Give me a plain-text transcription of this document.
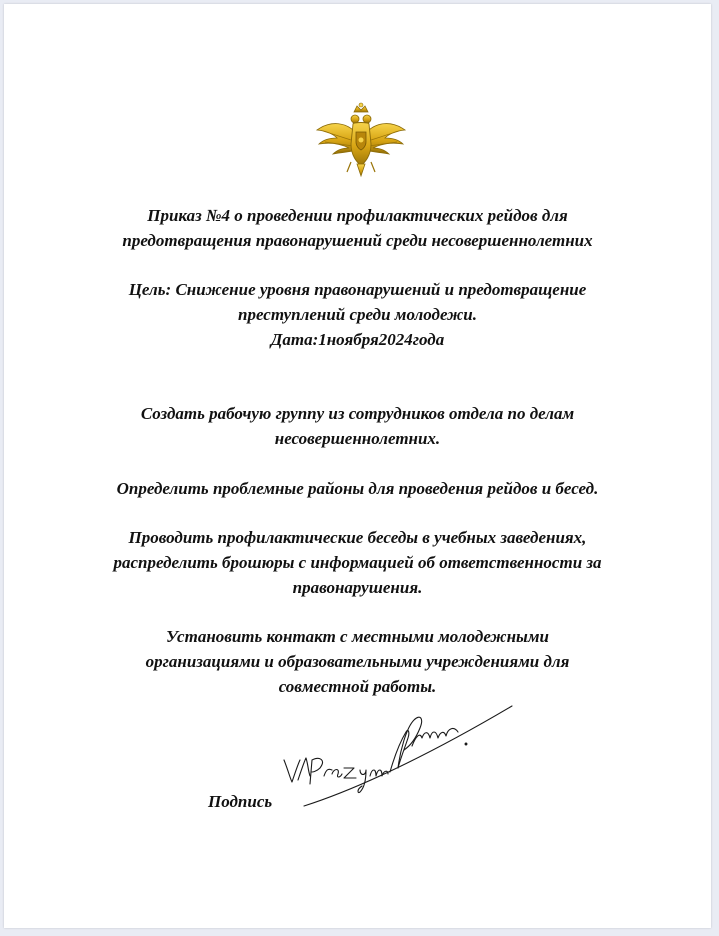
Приказ №4 о проведении профилактических рейдов для
предотвращения правонарушений среди несовершеннолетних

Цель: Снижение уровня правонарушений и предотвращение
преступлений среди молодежи.

Дата:1ноября2024года

Создать рабочую группу из сотрудников отдела по делам
несовершеннолетних.

Определить проблемные районы для проведения рейдов и бесед.

Проводить профилактические беседы в учебных заведениях,
распределить брошюры с информацией об ответственности за
правонарушения.

Установить контакт с местными молодежными
организациями и образовательными учреждениями для
совместной работы.

Подпись
